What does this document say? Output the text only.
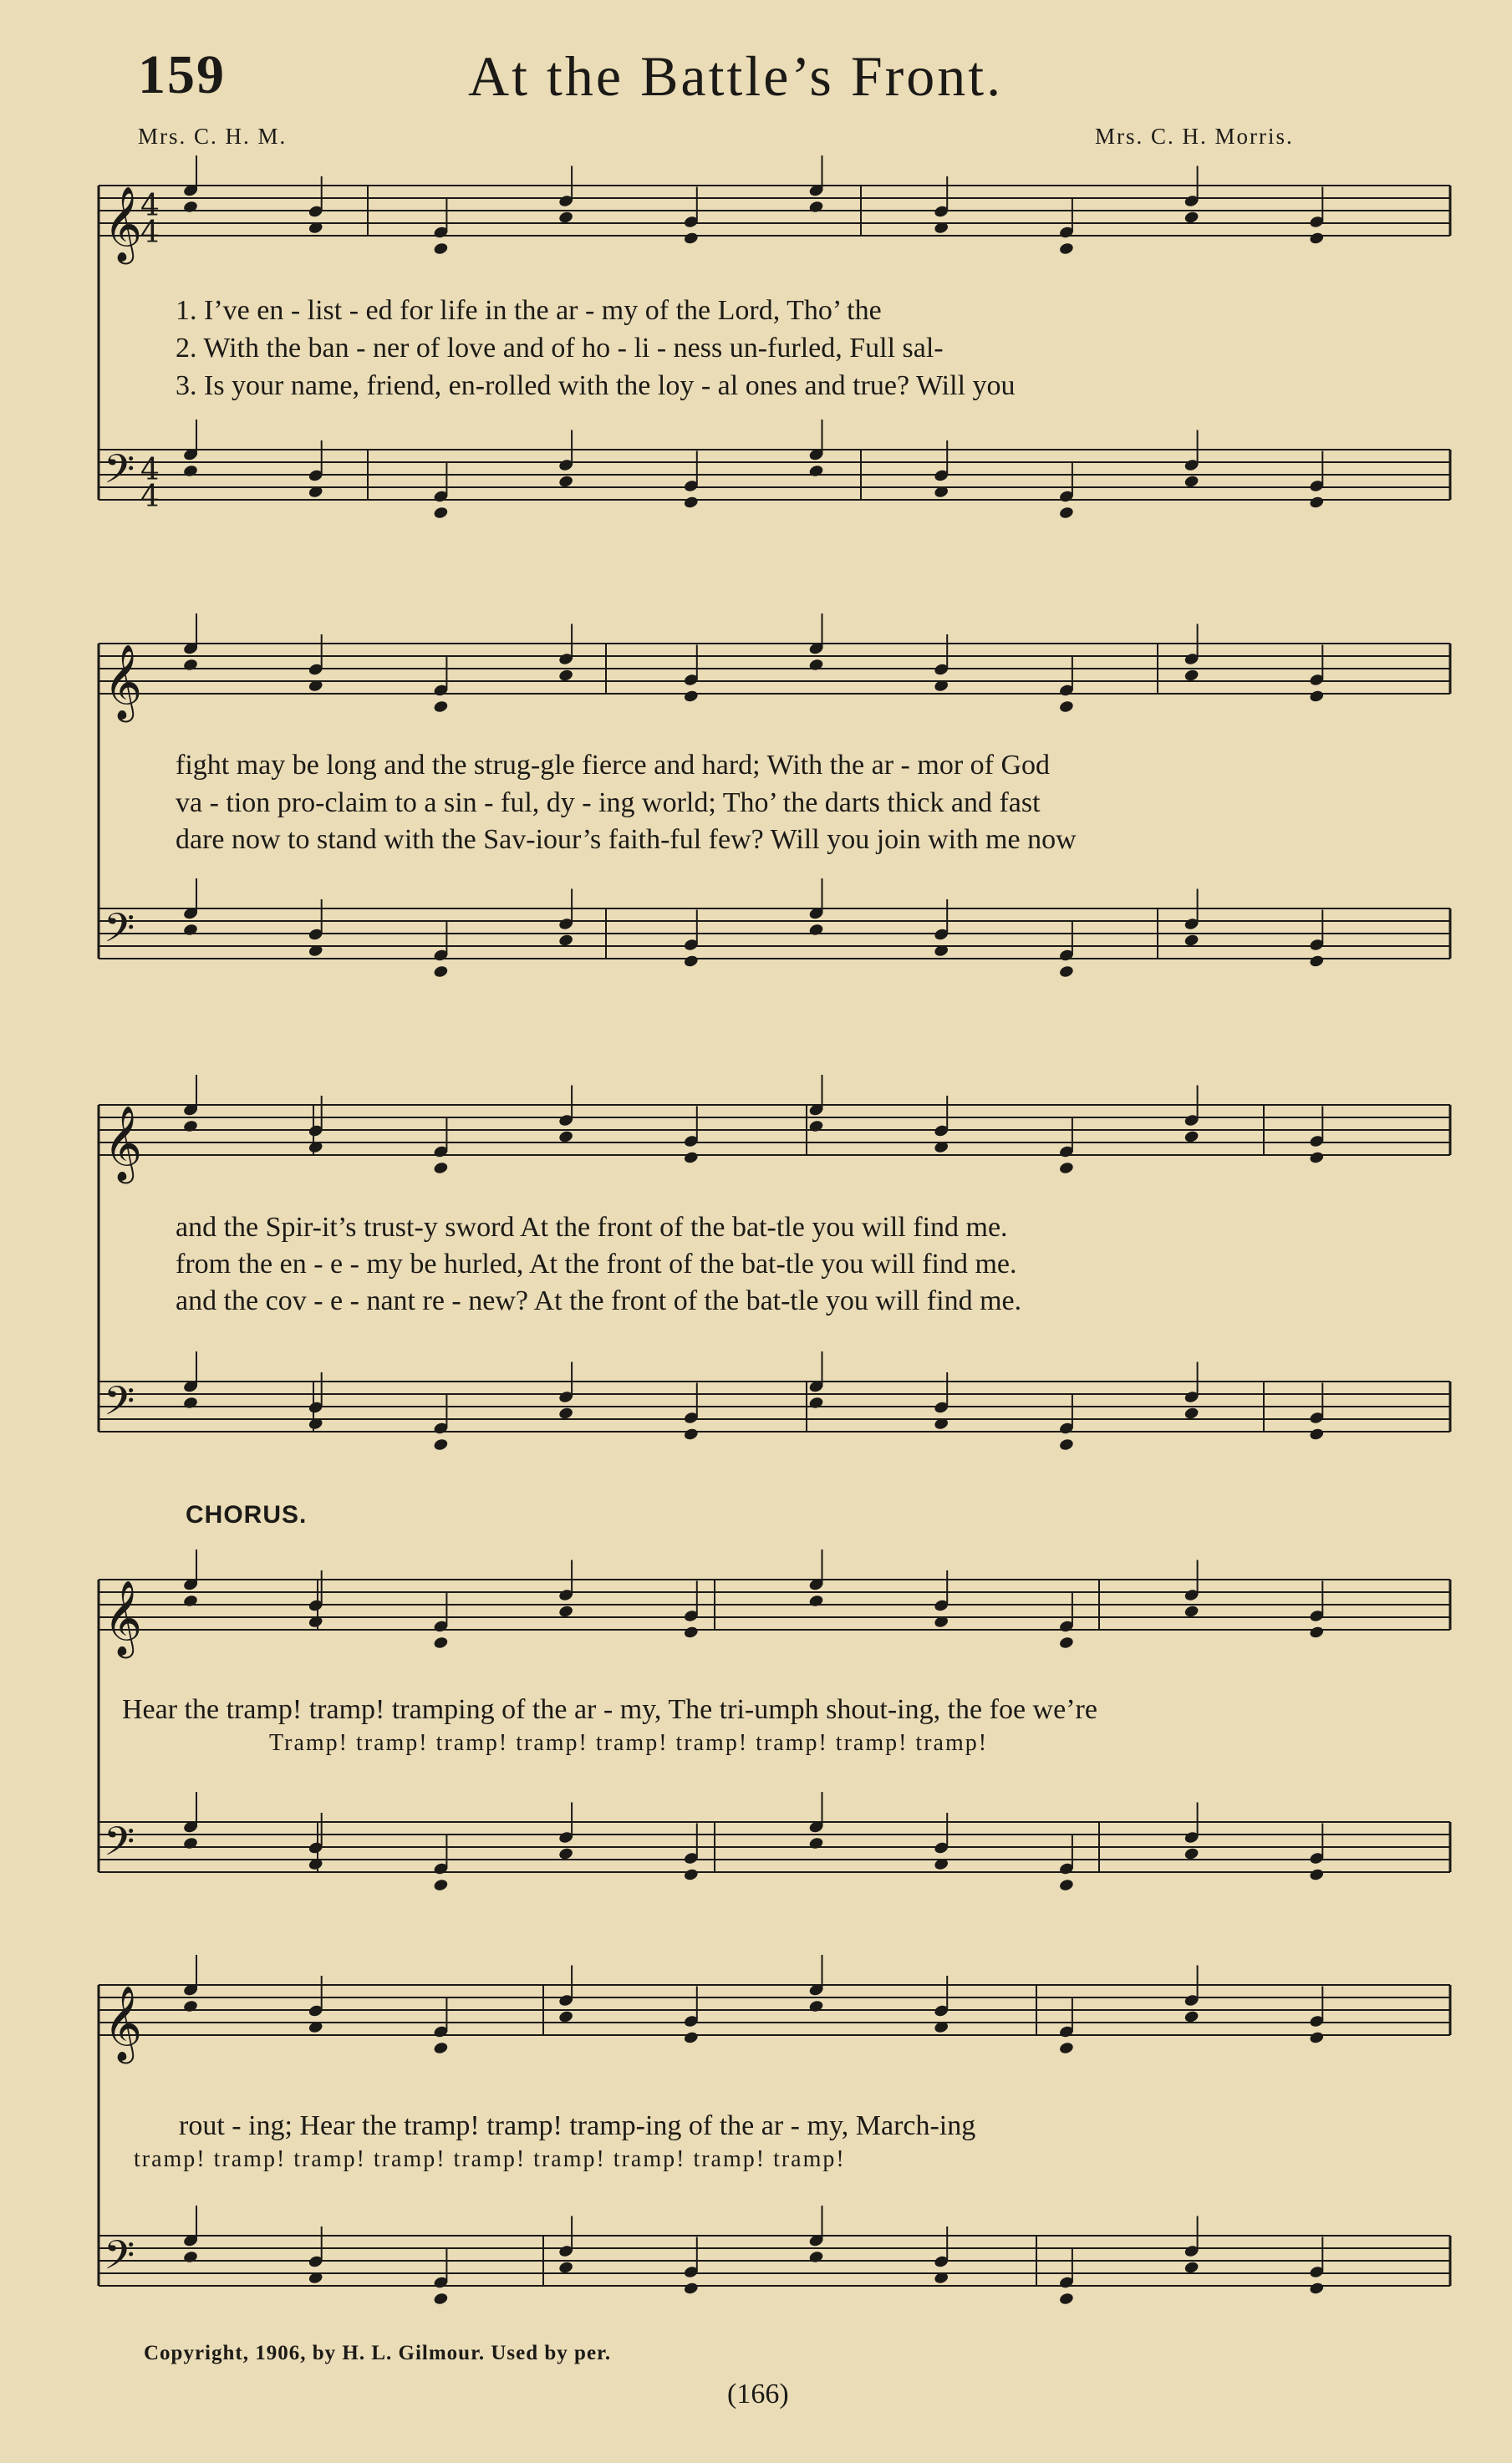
159	At the Battle’s Front.
Mrs. C. H. M.	Mrs. C. H. Morris.
𝄞
𝄢
𝄞
𝄢
𝄞
𝄢
𝄞
𝄢
𝄞
𝄢
4
4
4
4
1. I’ve en - list - ed for life in the ar - my of the Lord, Tho’ the
2. With the ban - ner of love and of ho - li - ness un-furled, Full sal-
3. Is your name, friend, en-rolled with the loy - al ones and true? Will you
fight may be long and the strug-gle fierce and hard; With the ar - mor of God
va - tion pro-claim to a sin - ful, dy - ing world; Tho’ the darts thick and fast
dare now to stand with the Sav-iour’s faith-ful few? Will you join with me now
and the Spir-it’s trust-y sword At the front of the bat-tle you will find me.
from the en - e - my be hurled, At the front of the bat-tle you will find me.
and the cov - e - nant re - new? At the front of the bat-tle you will find me.
CHORUS.
Hear the tramp! tramp! tramping of the ar - my, The tri-umph shout-ing, the foe we’re
Tramp! tramp! tramp! tramp! tramp! tramp! tramp! tramp! tramp!
rout - ing; Hear the tramp! tramp! tramp-ing of the ar - my, March-ing
tramp! tramp! tramp! tramp! tramp! tramp! tramp! tramp! tramp!
Copyright, 1906, by H. L. Gilmour. Used by per.
(166)
